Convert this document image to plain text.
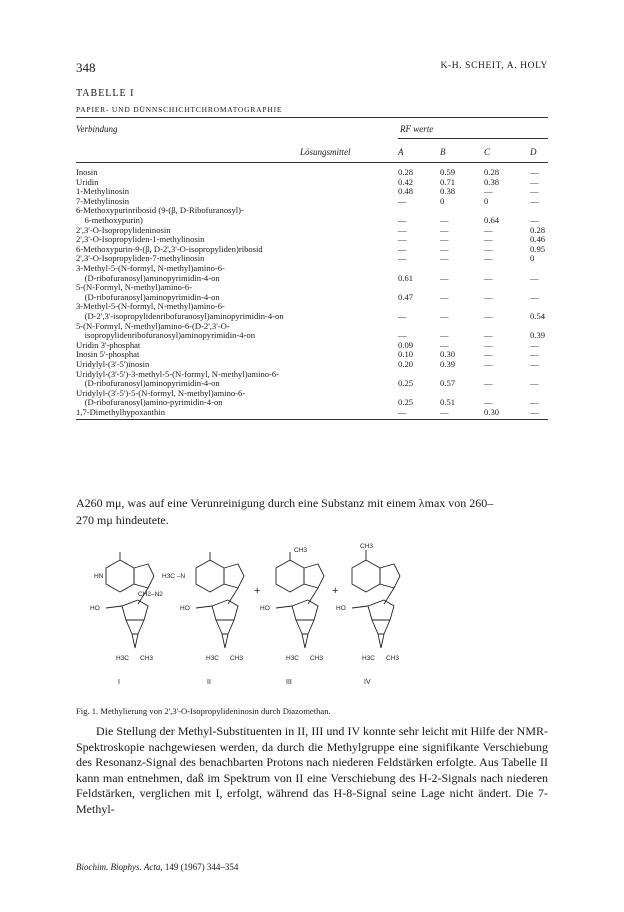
348	K-H. SCHEIT, A. HOLY
TABELLE I
PAPIER- UND DÜNNSCHICHTCHROMATOGRAPHIE
Verbindung	RF werte
Lösungsmittel	A	B	C	D
Inosin	0.28	0.59	0.28	—
Uridin	0.42	0.71	0.38	—
1-Methylinosin	0.48	0.38	—	—
7-Methylinosin	—	0	0	—
6-Methoxypurinribosid (9-(β, D-Ribofuranosyl)-
6-methoxypurin)	—	—	0.64	—
2',3'-O-Isopropylideninosin	—	—	—	0.28
2',3'-O-Isopropyliden-1-methylinosin	—	—	—	0.46
6-Methoxypurin-9-(β, D-2',3'-O-isopropyliden)ribosid	—	—	—	0.95
2',3'-O-Isopropyliden-7-methylinosin	—	—	—	0
3-Methyl-5-(N-formyl, N-methyl)amino-6-
(D-ribofuranosyl)aminopyrimidin-4-on	0.61	—	—	—
5-(N-Formyl, N-methyl)amino-6-
(D-ribofuranosyl)aminopyrimidin-4-on	0.47	—	—	—
3-Methyl-5-(N-formyl, N-methyl)amino-6-
(D-2',3'-isopropylidenribofuranosyl)aminopyrimidin-4-on	—	—	—	0.54
5-(N-Formyl, N-methyl)amino-6-(D-2',3'-O-
isopropylidenribofuranosyl)aminopyrimidin-4-on	—	—	—	0.39
Uridin 3'-phosphat	0.09	—	—	—
Inosin 5'-phosphat	0.10	0.30	—	—
Uridylyl-(3'-5')inosin	0.20	0.39	—	—
Uridylyl-(3'-5')-3-methyl-5-(N-formyl, N-methyl)amino-6-
(D-ribofuranosyl)aminopyrimidin-4-on	0.25	0.57	—	—
Uridylyl-(3'-5')-5-(N-formyl, N-methyl)amino-6-
(D-ribofuranosyl)amino-pyrimidin-4-on	0.25	0.51	—	—
1,7-Dimethylhypoxanthin	—	—	0.30	—
A260 mμ, was auf eine Verunreinigung durch eine Substanz mit einem λmax von 260–
270 mμ hindeutete.
HN
HO
H3C CH3
H3C –N
CH2–N2
HO
H3C CH3
CH3
HO
H3C CH3
CH3
HO
H3C CH3
+	+
I	II	III	IV
Fig. 1. Methylierung von 2',3'-O-Isopropylideninosin durch Diazomethan.
Die Stellung der Methyl-Substituenten in II, III und IV konnte sehr leicht mit Hilfe der NMR-Spektroskopie nachgewiesen werden, da durch die Methylgruppe eine signifikante Verschiebung des Resonanz-Signal des benachbarten Protons nach niederen Feldstärken erfolgte. Aus Tabelle II kann man entnehmen, daß im Spektrum von II eine Verschiebung des H-2-Signals nach niederen Feldstärken, verglichen mit I, erfolgt, während das H-8-Signal seine Lage nicht ändert. Die 7-Methyl-
Biochim. Biophys. Acta, 149 (1967) 344–354
